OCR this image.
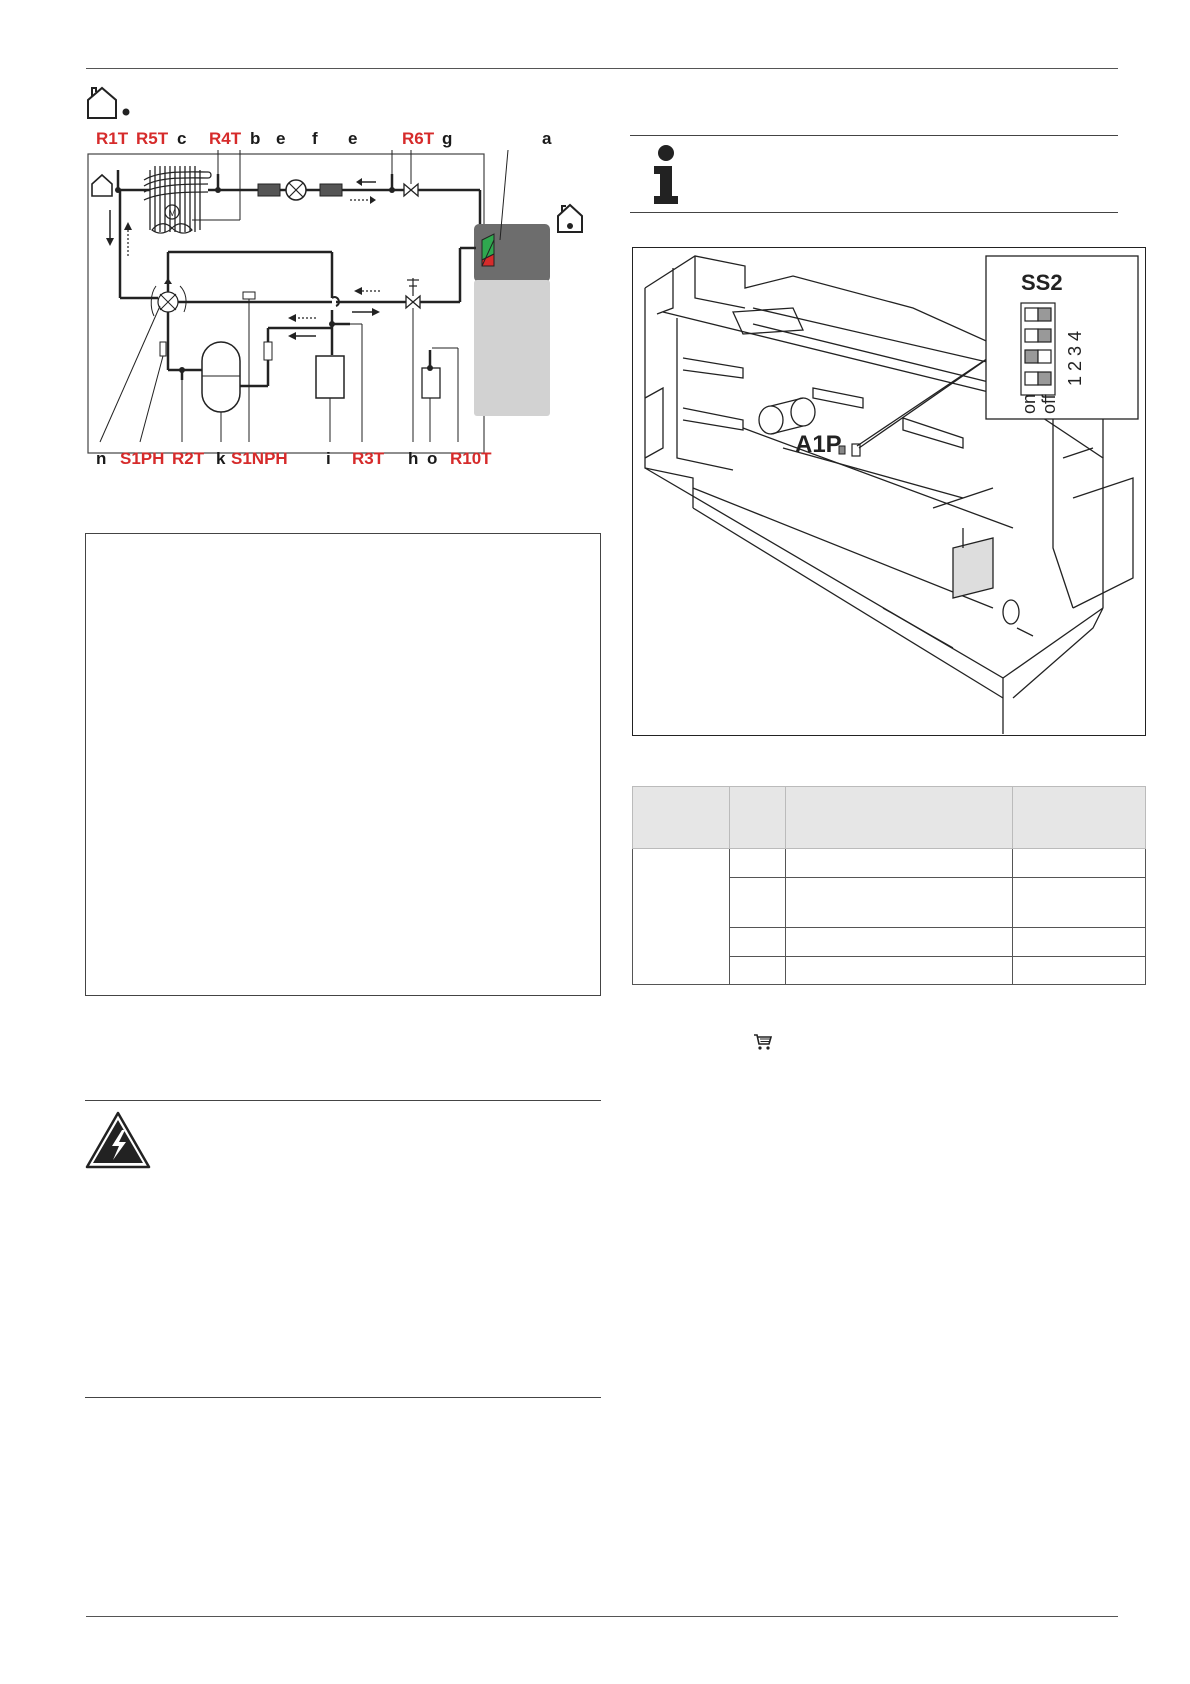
R1T R5T c R4T b e f e	R6T g	a
M
n S1PH R2T k S1NPH i R3T h o R10T
A1P
SS2
1 2 3 4
on off
